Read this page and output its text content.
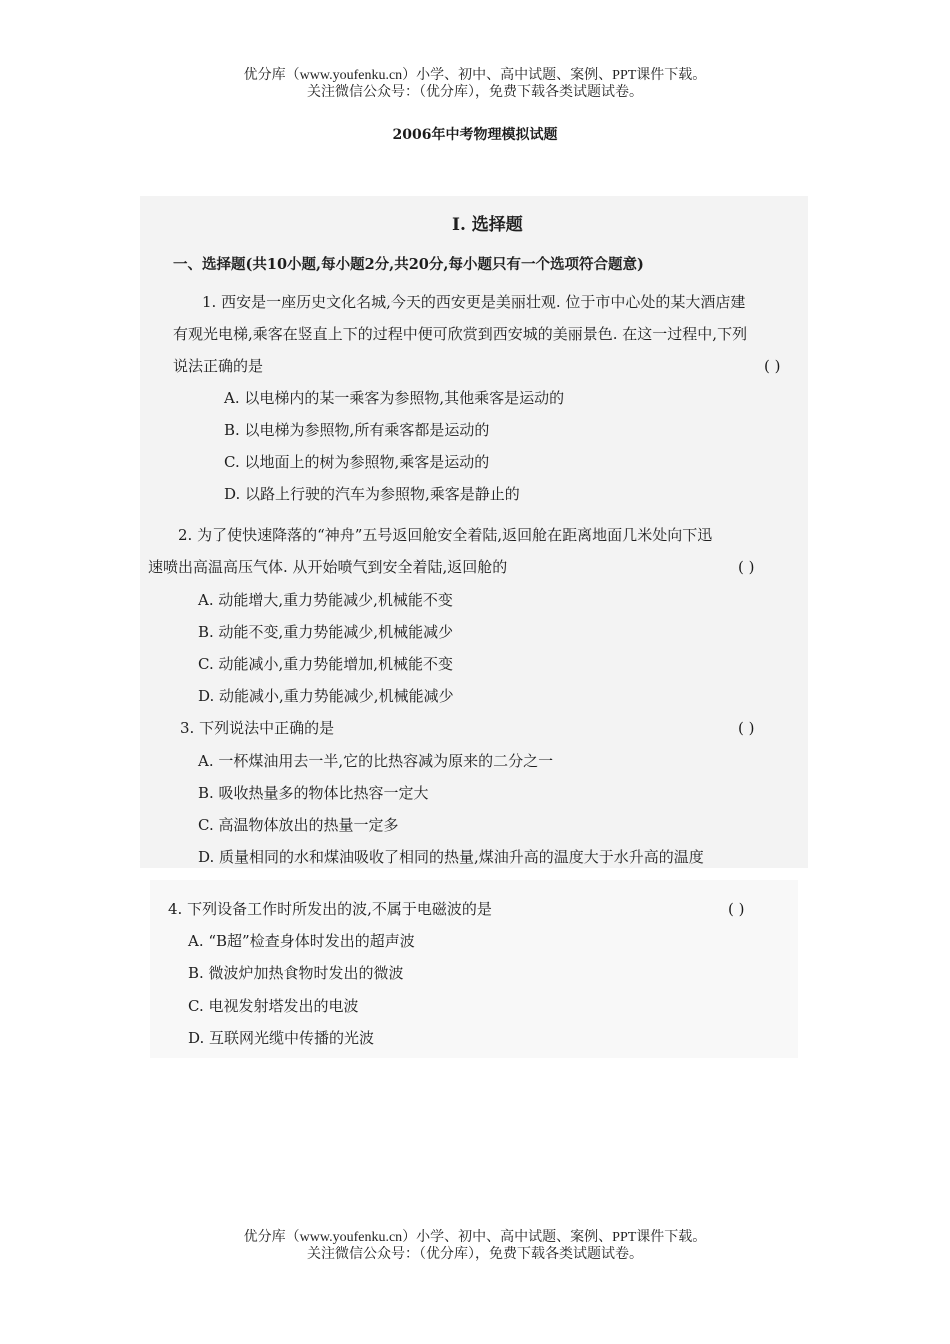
优分库（www.youfenku.cn）小学、初中、高中试题、案例、PPT课件下载。
关注微信公众号：（优分库），免费下载各类试题试卷。
2006年中考物理模拟试题
Ⅰ. 选择题
一、选择题(共10小题,每小题2分,共20分,每小题只有一个选项符合题意)
1. 西安是一座历史文化名城,今天的西安更是美丽壮观. 位于市中心处的某大酒店建
有观光电梯,乘客在竖直上下的过程中便可欣赏到西安城的美丽景色. 在这一过程中,下列
说法正确的是	( )
A. 以电梯内的某一乘客为参照物,其他乘客是运动的
B. 以电梯为参照物,所有乘客都是运动的
C. 以地面上的树为参照物,乘客是运动的
D. 以路上行驶的汽车为参照物,乘客是静止的
2. 为了使快速降落的“神舟”五号返回舱安全着陆,返回舱在距离地面几米处向下迅
速喷出高温高压气体. 从开始喷气到安全着陆,返回舱的	( )
A. 动能增大,重力势能减少,机械能不变
B. 动能不变,重力势能减少,机械能减少
C. 动能减小,重力势能增加,机械能不变
D. 动能减小,重力势能减少,机械能减少
3. 下列说法中正确的是	( )
A. 一杯煤油用去一半,它的比热容减为原来的二分之一
B. 吸收热量多的物体比热容一定大
C. 高温物体放出的热量一定多
D. 质量相同的水和煤油吸收了相同的热量,煤油升高的温度大于水升高的温度
4. 下列设备工作时所发出的波,不属于电磁波的是	( )
A. “B超”检查身体时发出的超声波
B. 微波炉加热食物时发出的微波
C. 电视发射塔发出的电波
D. 互联网光缆中传播的光波
优分库（www.youfenku.cn）小学、初中、高中试题、案例、PPT课件下载。
关注微信公众号：（优分库），免费下载各类试题试卷。
